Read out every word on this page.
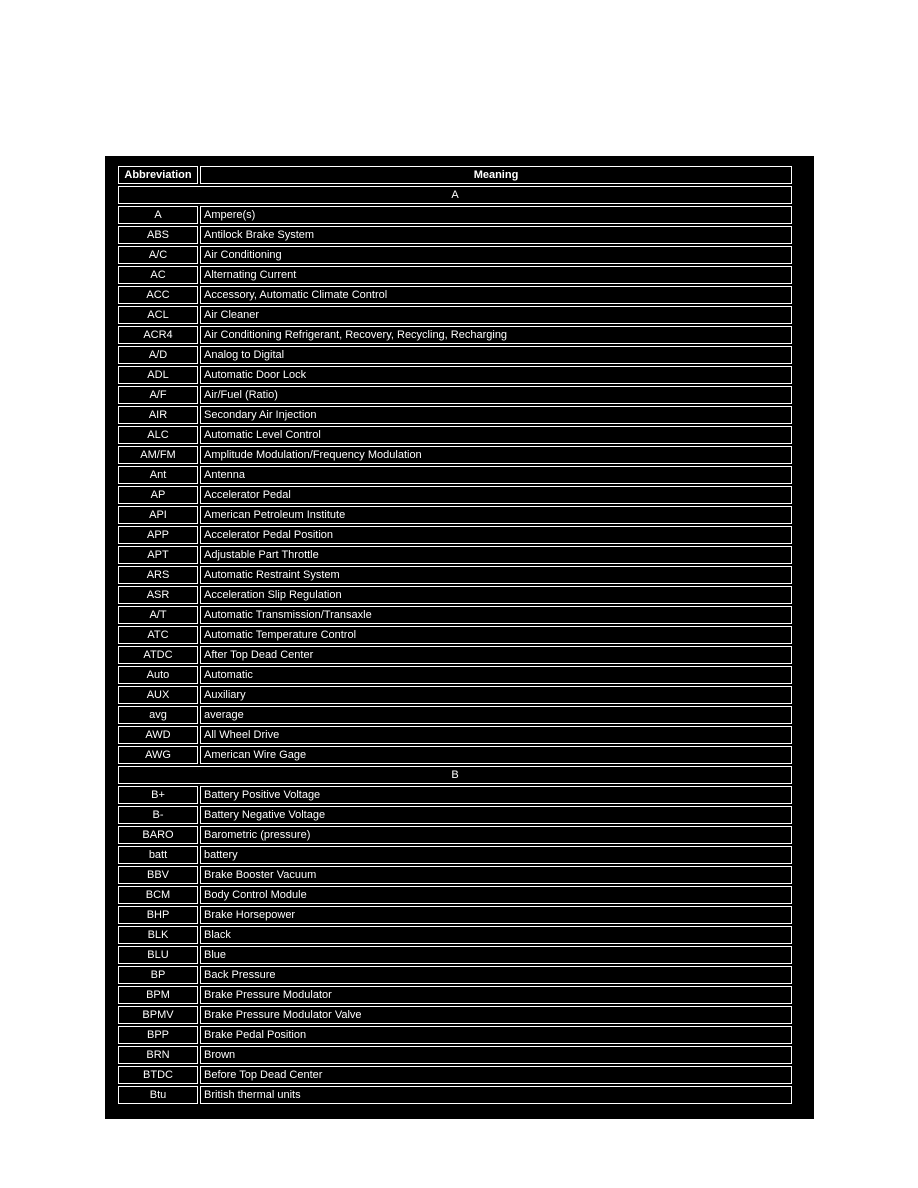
Abbreviation	Meaning
A	
A	Ampere(s)
ABS	Antilock Brake System
A/C	Air Conditioning
AC	Alternating Current
ACC	Accessory, Automatic Climate Control
ACL	Air Cleaner
ACR4	Air Conditioning Refrigerant, Recovery, Recycling, Recharging
A/D	Analog to Digital
ADL	Automatic Door Lock
A/F	Air/Fuel (Ratio)
AIR	Secondary Air Injection
ALC	Automatic Level Control
AM/FM	Amplitude Modulation/Frequency Modulation
Ant	Antenna
AP	Accelerator Pedal
API	American Petroleum Institute
APP	Accelerator Pedal Position
APT	Adjustable Part Throttle
ARS	Automatic Restraint System
ASR	Acceleration Slip Regulation
A/T	Automatic Transmission/Transaxle
ATC	Automatic Temperature Control
ATDC	After Top Dead Center
Auto	Automatic
AUX	Auxiliary
avg	average
AWD	All Wheel Drive
AWG	American Wire Gage
B	
B+	Battery Positive Voltage
B-	Battery Negative Voltage
BARO	Barometric (pressure)
batt	battery
BBV	Brake Booster Vacuum
BCM	Body Control Module
BHP	Brake Horsepower
BLK	Black
BLU	Blue
BP	Back Pressure
BPM	Brake Pressure Modulator
BPMV	Brake Pressure Modulator Valve
BPP	Brake Pedal Position
BRN	Brown
BTDC	Before Top Dead Center
Btu	British thermal units
